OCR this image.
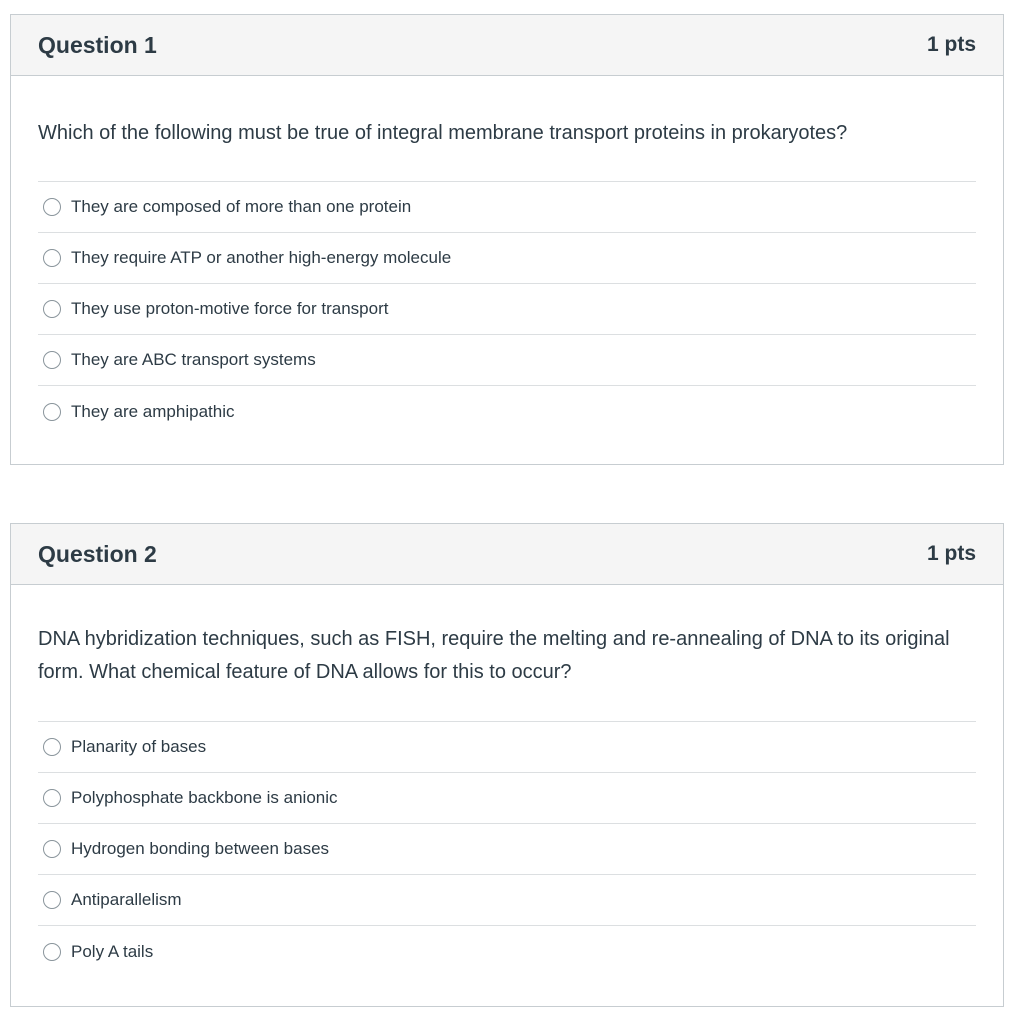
Question 1	1 pts
Which of the following must be true of integral membrane transport proteins in prokaryotes?
They are composed of more than one protein
They require ATP or another high-energy molecule
They use proton-motive force for transport
They are ABC transport systems
They are amphipathic
Question 2	1 pts
DNA hybridization techniques, such as FISH, require the melting and re-annealing of DNA to its original form. What chemical feature of DNA allows for this to occur?
Planarity of bases
Polyphosphate backbone is anionic
Hydrogen bonding between bases
Antiparallelism
Poly A tails
